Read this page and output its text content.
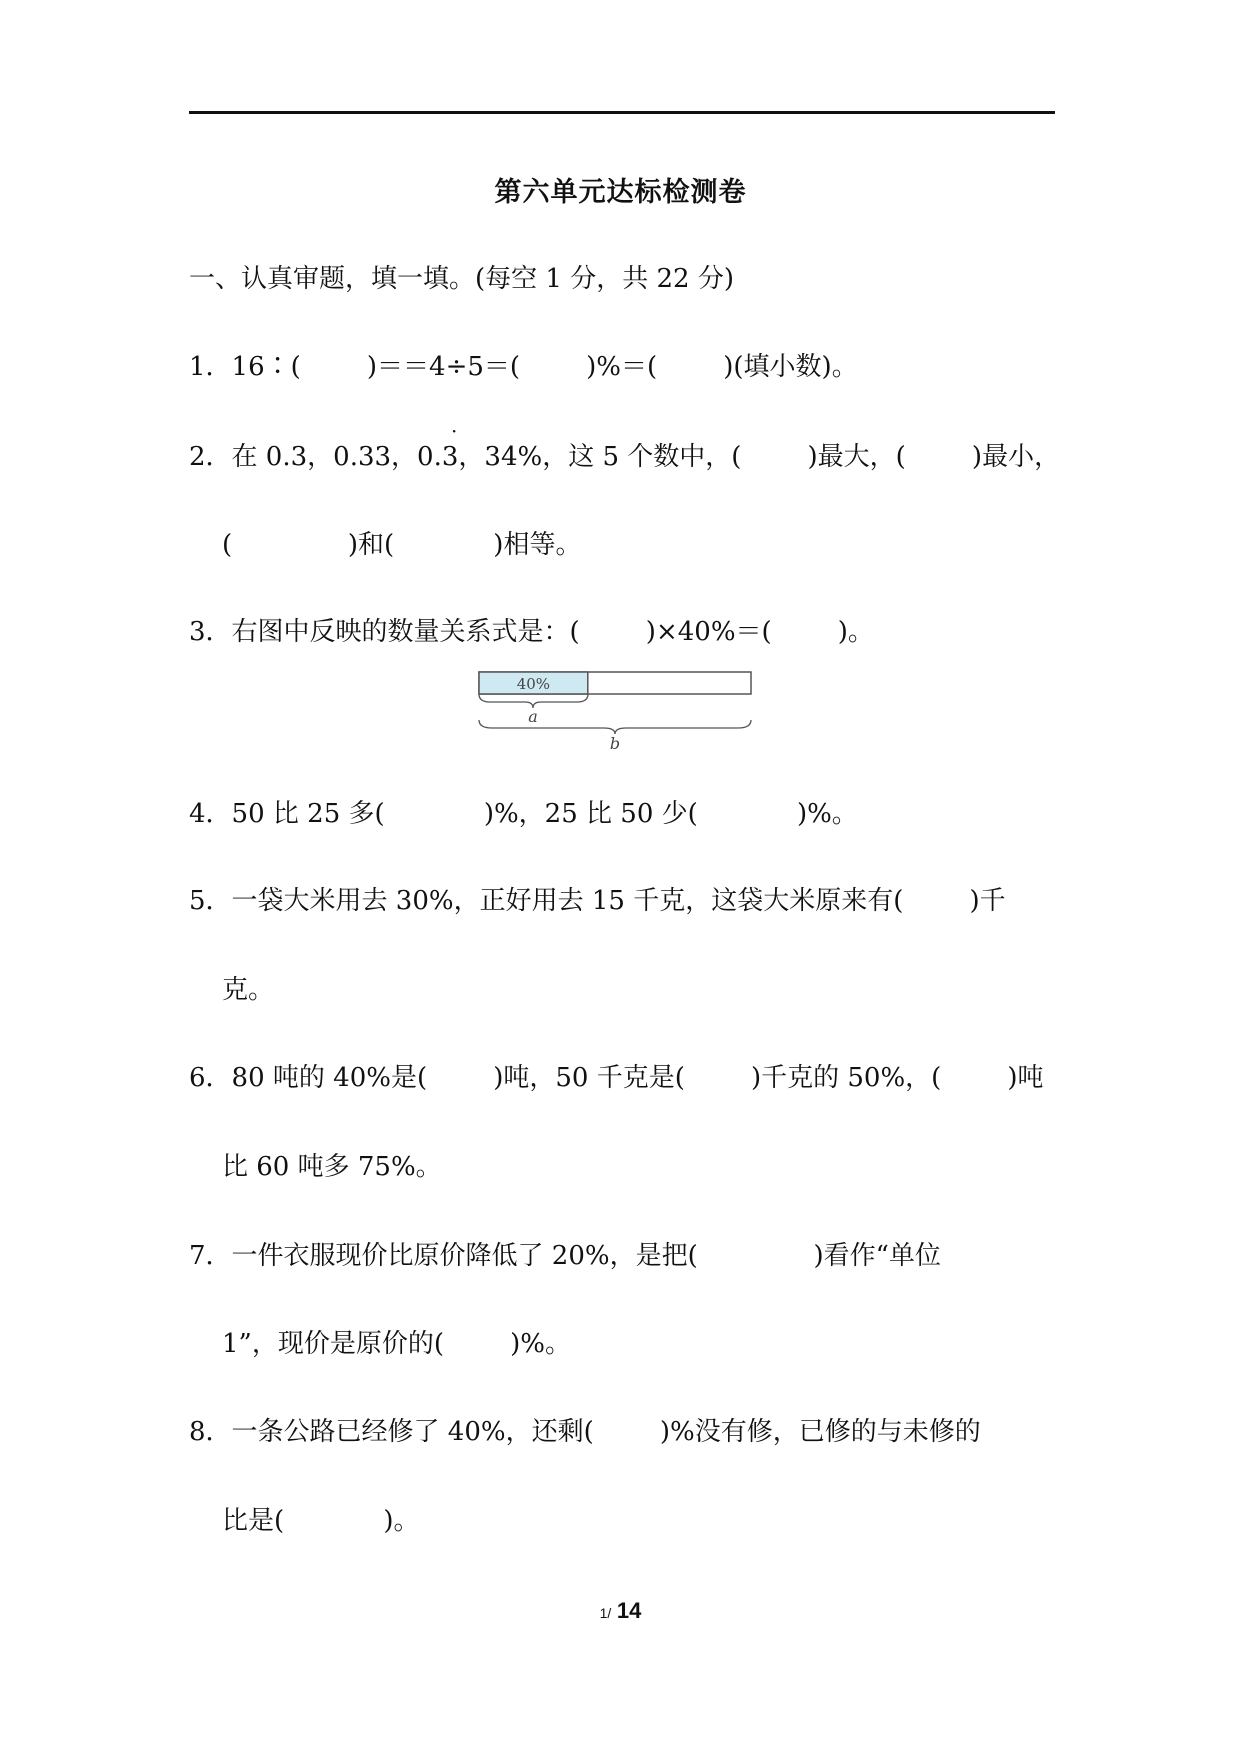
第六单元达标检测卷
一、认真审题，填一填。(每空 1 分，共 22 分)
1．16∶(        )＝＝4÷5＝(        )%＝(        )(填小数)。
2．在 0.3，0.33，0.3
·
，34%，这 5 个数中，(        )最大，(        )最小，
(              )和(            )相等。
3．右图中反映的数量关系式是：(        )×40%＝(        )。
40%
a
b
4．50 比 25 多(            )%，25 比 50 少(            )%。
5．一袋大米用去 30%，正好用去 15 千克，这袋大米原来有(        )千
克。
6．80 吨的 40%是(        )吨，50 千克是(        )千克的 50%，(        )吨
比 60 吨多 75%。
7．一件衣服现价比原价降低了 20%，是把(              )看作“单位
1”，现价是原价的(        )%。
8．一条公路已经修了 40%，还剩(        )%没有修，已修的与未修的
比是(            )。
1/ 14
